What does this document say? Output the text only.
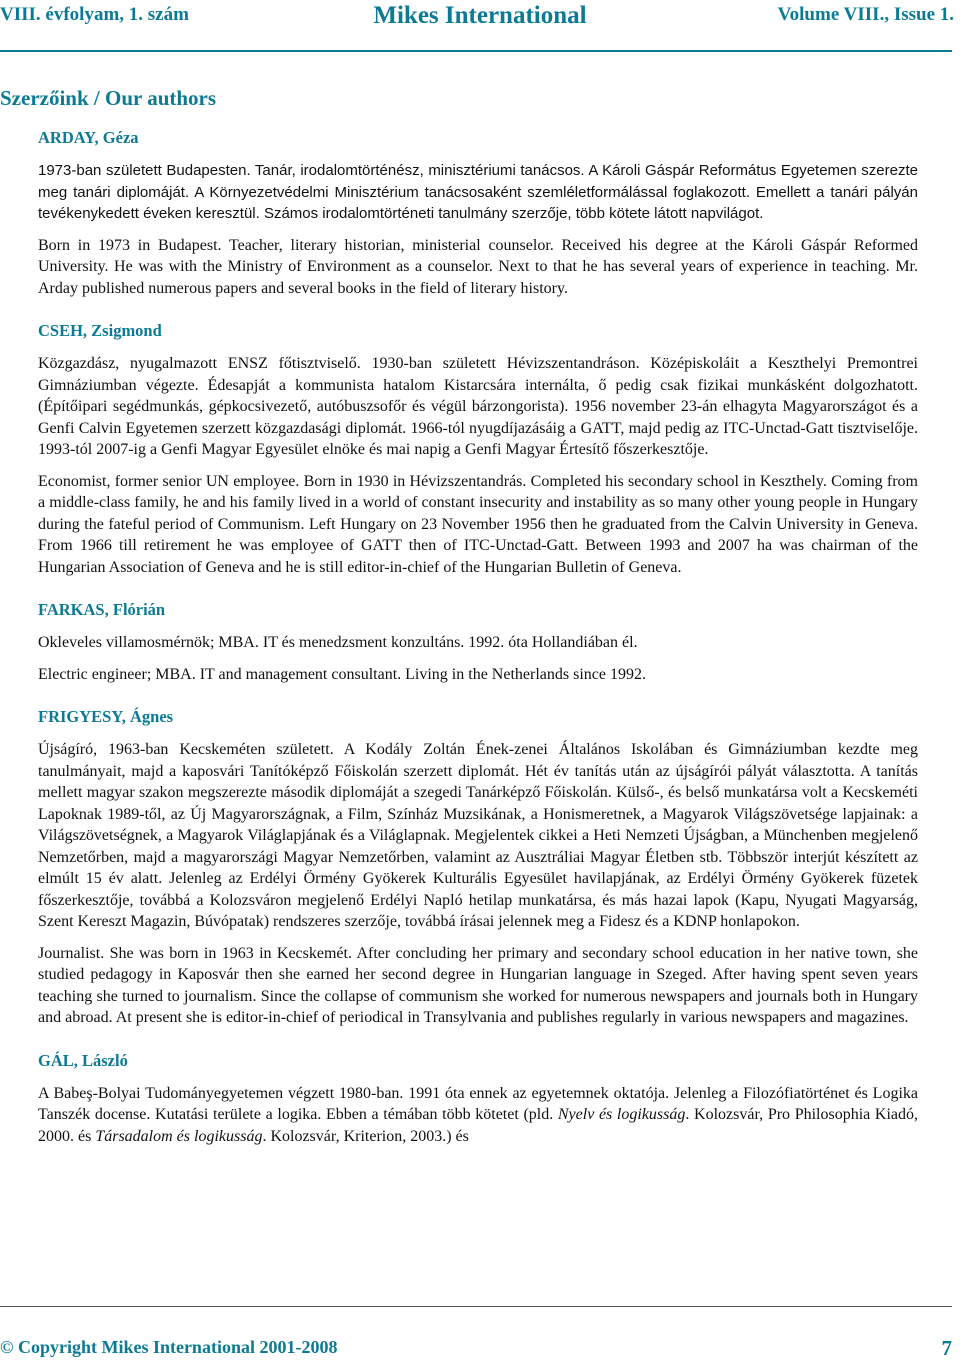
VIII. évfolyam, 1. szám	Mikes International	Volume VIII., Issue 1.
Szerzőink / Our authors
ARDAY, Géza

1973-ban született Budapesten. Tanár, irodalomtörténész, minisztériumi tanácsos. A Károli Gáspár Református Egyetemen szerezte meg tanári diplomáját. A Környezetvédelmi Minisztérium tanácsosaként szemléletformálással foglakozott. Emellett a tanári pályán tevékenykedett éveken keresztül. Számos irodalomtörténeti tanulmány szerzője, több kötete látott napvilágot.

Born in 1973 in Budapest. Teacher, literary historian, ministerial counselor. Received his degree at the Károli Gáspár Reformed University. He was with the Ministry of Environment as a counselor. Next to that he has several years of experience in teaching. Mr. Arday published numerous papers and several books in the field of literary history.

CSEH, Zsigmond

Közgazdász, nyugalmazott ENSZ főtisztviselő. 1930-ban született Hévizszentandráson. Középiskoláit a Keszthelyi Premontrei Gimnáziumban végezte. Édesapját a kommunista hatalom Kistarcsára internálta, ő pedig csak fizikai munkásként dolgozhatott. (Építőipari segédmunkás, gépkocsivezető, autóbuszsofőr és végül bárzongorista). 1956 november 23-án elhagyta Magyarországot és a Genfi Calvin Egyetemen szerzett közgazdasági diplomát. 1966-tól nyugdíjazásáig a GATT, majd pedig az ITC-Unctad-Gatt tisztviselője. 1993-tól 2007-ig a Genfi Magyar Egyesület elnöke és mai napig a Genfi Magyar Értesítő főszerkesztője.

Economist, former senior UN employee. Born in 1930 in Hévizszentandrás. Completed his secondary school in Keszthely. Coming from a middle-class family, he and his family lived in a world of constant insecurity and instability as so many other young people in Hungary during the fateful period of Communism. Left Hungary on 23 November 1956 then he graduated from the Calvin University in Geneva. From 1966 till retirement he was employee of GATT then of ITC-Unctad-Gatt. Between 1993 and 2007 ha was chairman of the Hungarian Association of Geneva and he is still editor-in-chief of the Hungarian Bulletin of Geneva.

FARKAS, Flórián

Okleveles villamosmérnök; MBA. IT és menedzsment konzultáns. 1992. óta Hollandiában él.

Electric engineer; MBA. IT and management consultant. Living in the Netherlands since 1992.

FRIGYESY, Ágnes

Újságíró, 1963-ban Kecskeméten született. A Kodály Zoltán Ének-zenei Általános Iskolában és Gimnáziumban kezdte meg tanulmányait, majd a kaposvári Tanítóképző Főiskolán szerzett diplomát. Hét év tanítás után az újságírói pályát választotta. A tanítás mellett magyar szakon megszerezte második diplomáját a szegedi Tanárképző Főiskolán. Külső-, és belső munkatársa volt a Kecskeméti Lapoknak 1989-től, az Új Magyarországnak, a Film, Színház Muzsikának, a Honismeretnek, a Magyarok Világszövetsége lapjainak: a Világszövetségnek, a Magyarok Világlapjának és a Világlapnak. Megjelentek cikkei a Heti Nemzeti Újságban, a Münchenben megjelenő Nemzetőrben, majd a magyarországi Magyar Nemzetőrben, valamint az Ausztráliai Magyar Életben stb. Többször interjút készített az elmúlt 15 év alatt. Jelenleg az Erdélyi Örmény Gyökerek Kulturális Egyesület havilapjának, az Erdélyi Örmény Gyökerek füzetek főszerkesztője, továbbá a Kolozsváron megjelenő Erdélyi Napló hetilap munkatársa, és más hazai lapok (Kapu, Nyugati Magyarság, Szent Kereszt Magazin, Búvópatak) rendszeres szerzője, továbbá írásai jelennek meg a Fidesz és a KDNP honlapokon.

Journalist. She was born in 1963 in Kecskemét. After concluding her primary and secondary school education in her native town, she studied pedagogy in Kaposvár then she earned her second degree in Hungarian language in Szeged. After having spent seven years teaching she turned to journalism. Since the collapse of communism she worked for numerous newspapers and journals both in Hungary and abroad. At present she is editor-in-chief of periodical in Transylvania and publishes regularly in various newspapers and magazines.

GÁL, László

A Babeş-Bolyai Tudományegyetemen végzett 1980-ban. 1991 óta ennek az egyetemnek oktatója. Jelenleg a Filozófiatörténet és Logika Tanszék docense. Kutatási területe a logika. Ebben a témában több kötetet (pld. Nyelv és logikusság. Kolozsvár, Pro Philosophia Kiadó, 2000. és Társadalom és logikusság. Kolozsvár, Kriterion, 2003.) és

© Copyright Mikes International 2001-2008	7
